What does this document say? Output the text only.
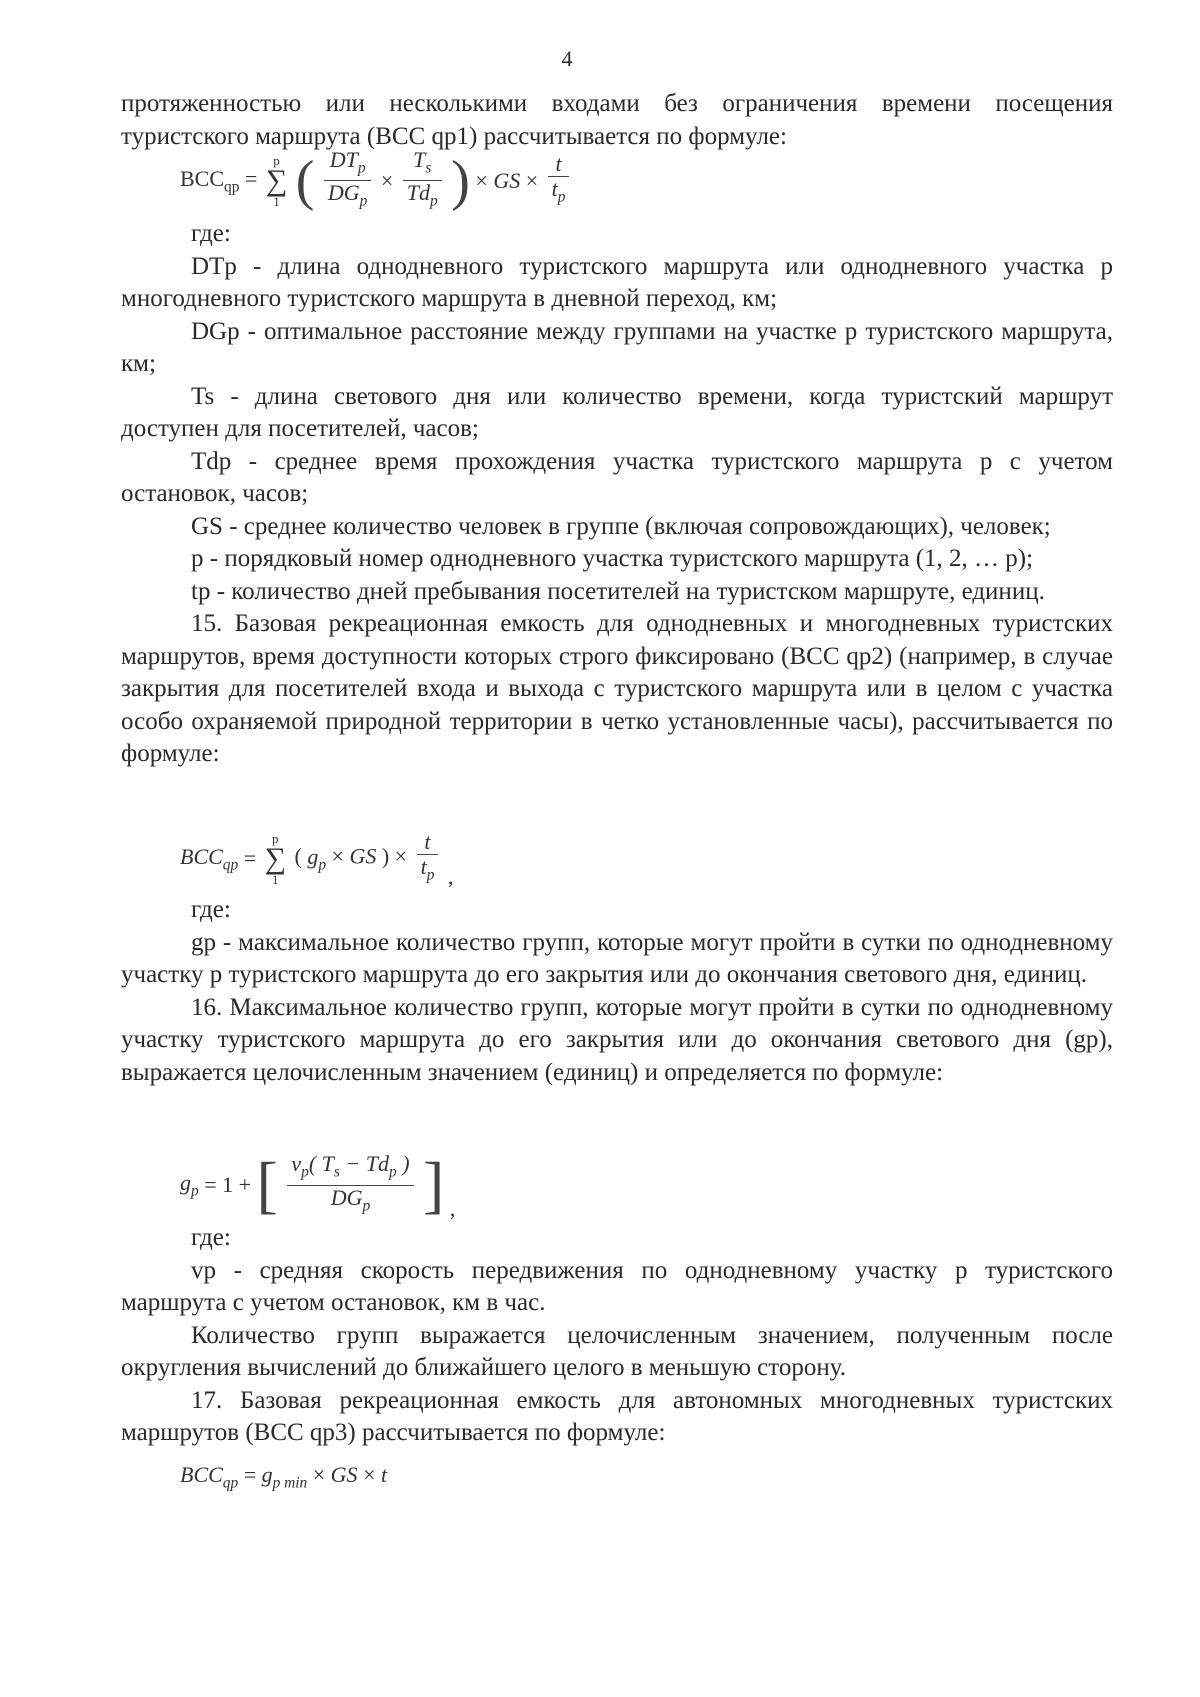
4

протяженностью или несколькими входами без ограничения времени посещения туристского маршрута (BCC qp1) рассчитывается по формуле:

$BCC_{qp} = p$
∑
1 ( $\frac{DT_p}{DG_p} \times \frac{T_s}{Td_p}$ ) × GS × $\frac{t}{t_p}$

где:

DTр - длина однодневного туристского маршрута или однодневного участка р многодневного туристского маршрута в дневной переход, км;

DGр - оптимальное расстояние между группами на участке р туристского маршрута, км;

Ts - длина светового дня или количество времени, когда туристский маршрут доступен для посетителей, часов;

Tdр - среднее время прохождения участка туристского маршрута р с учетом остановок, часов;

GS - среднее количество человек в группе (включая сопровождающих), человек;

р - порядковый номер однодневного участка туристского маршрута (1, 2, … р);

tр - количество дней пребывания посетителей на туристском маршруте, единиц.

15. Базовая рекреационная емкость для однодневных и многодневных туристских маршрутов, время доступности которых строго фиксировано (BCC qp2) (например, в случае закрытия для посетителей входа и выхода с туристского маршрута или в целом с участка особо охраняемой природной территории в четко установленные часы), рассчитывается по формуле:

$BCC_{qp} = p$
∑
1 ( $g_p$ × GS ) × $\frac{t}{t_p}$ ,

где:

gр - максимальное количество групп, которые могут пройти в сутки по однодневному участку р туристского маршрута до его закрытия или до окончания светового дня, единиц.

16. Максимальное количество групп, которые могут пройти в сутки по однодневному участку туристского маршрута до его закрытия или до окончания светового дня (gр), выражается целочисленным значением (единиц) и определяется по формуле:

$g_p = 1$ + [ $\frac{v_p( T_s - Td_p )}{DG_p}$ ] ,

где:

vр - средняя скорость передвижения по однодневному участку р туристского маршрута с учетом остановок, км в час.

Количество групп выражается целочисленным значением, полученным после округления вычислений до ближайшего целого в меньшую сторону.

17. Базовая рекреационная емкость для автономных многодневных туристских маршрутов (BCC qp3) рассчитывается по формуле:

$BCC_{qp} = g_{p min}$ × GS × t
